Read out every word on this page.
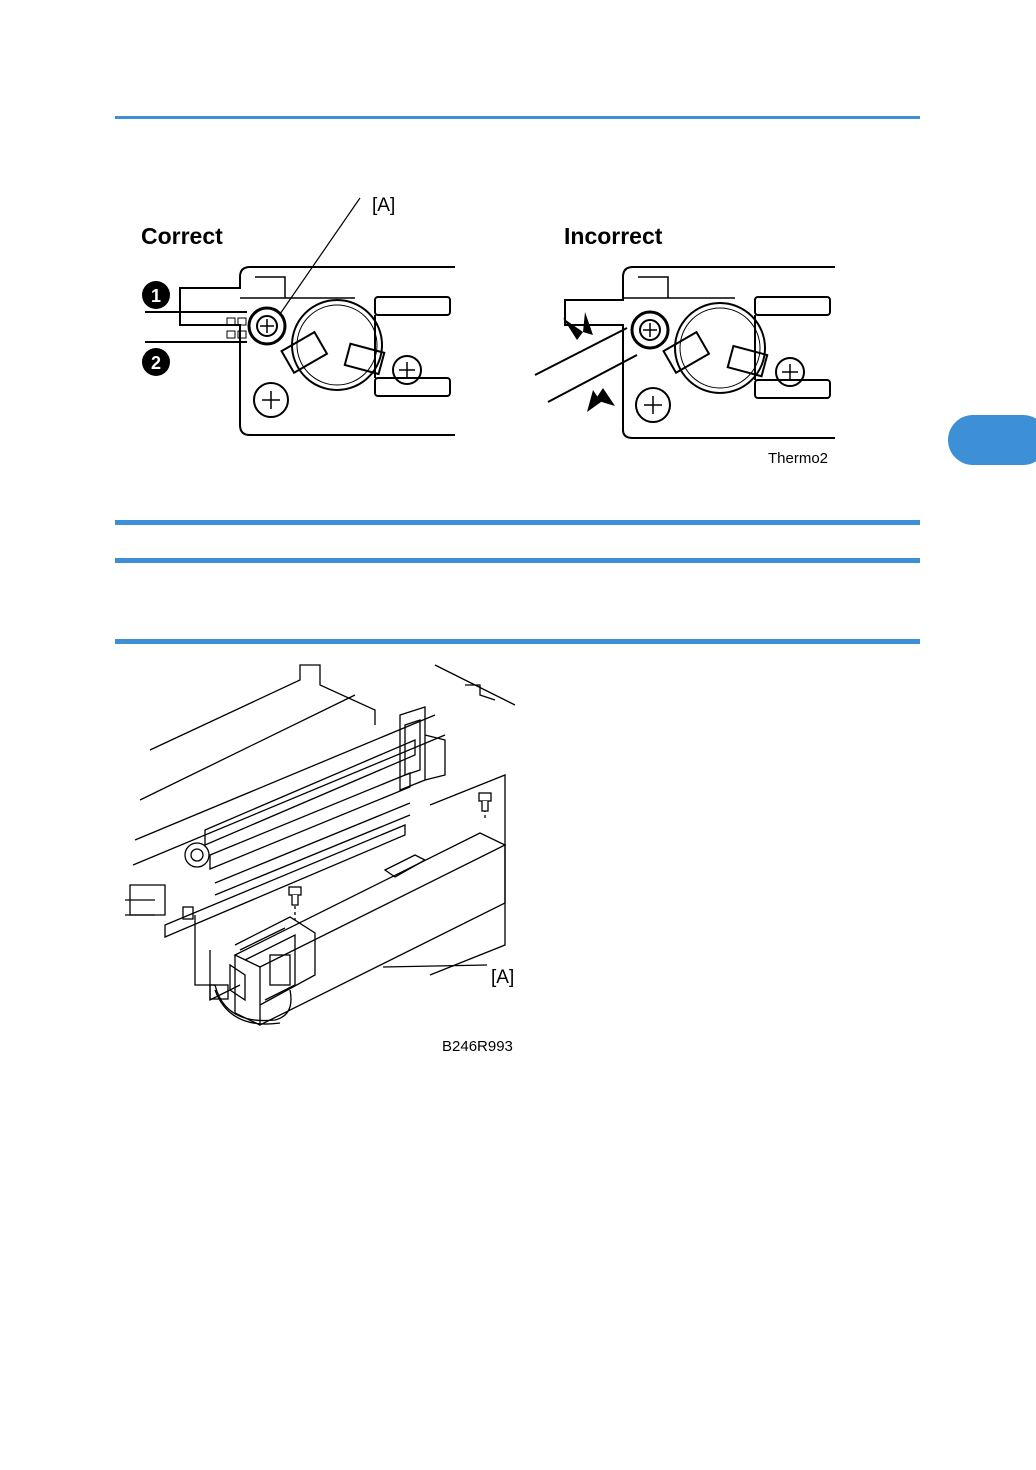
Correct	Incorrect
[A]
1
2
Thermo2
[A]
B246R993
